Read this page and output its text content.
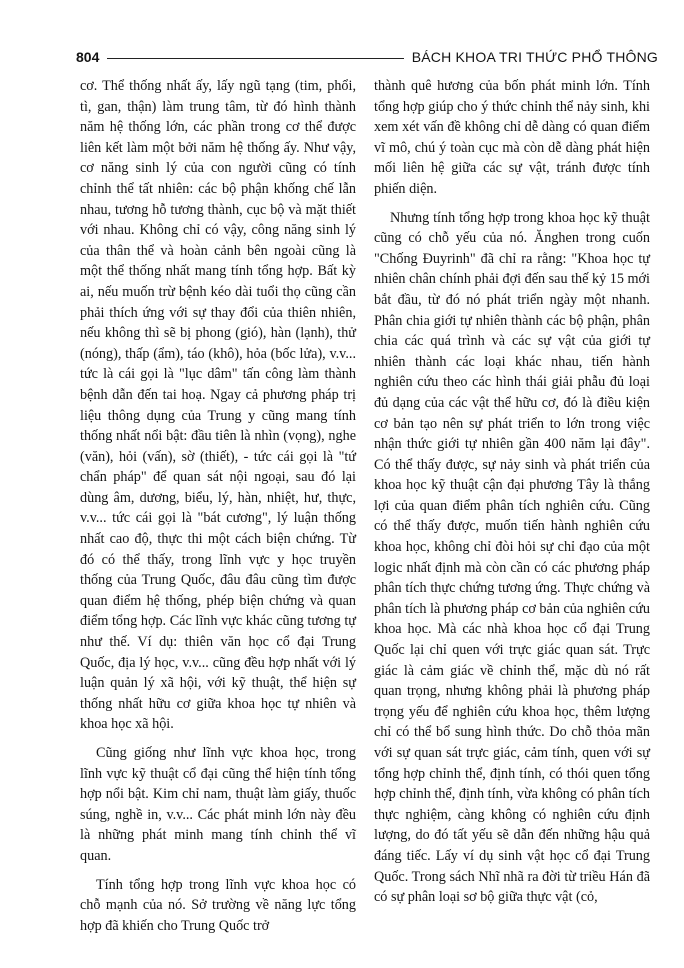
804	BÁCH KHOA TRI THỨC PHỔ THÔNG

cơ. Thể thống nhất ấy, lấy ngũ tạng (tim, phổi, tì, gan, thận) làm trung tâm, từ đó hình thành năm hệ thống lớn, các phần trong cơ thể được liên kết làm một bởi năm hệ thống ấy. Như vậy, cơ năng sinh lý của con người cũng có tính chỉnh thể tất nhiên: các bộ phận khống chế lẫn nhau, tương hỗ tương thành, cục bộ và mặt thiết với nhau. Không chỉ có vậy, công năng sinh lý của thân thể và hoàn cảnh bên ngoài cũng là một thể thống nhất mang tính tổng hợp. Bất kỳ ai, nếu muốn trừ bệnh kéo dài tuổi thọ cũng cần phải thích ứng với sự thay đổi của thiên nhiên, nếu không thì sẽ bị phong (gió), hàn (lạnh), thử (nóng), thấp (ẩm), táo (khô), hỏa (bốc lửa), v.v... tức là cái gọi là "lục dâm" tấn công làm thành bệnh dẫn đến tai hoạ. Ngay cả phương pháp trị liệu thông dụng của Trung y cũng mang tính thống nhất nổi bật: đầu tiên là nhìn (vọng), nghe (văn), hỏi (vấn), sờ (thiết), - tức cái gọi là "tứ chẩn pháp" để quan sát nội ngoại, sau đó lại dùng âm, dương, biểu, lý, hàn, nhiệt, hư, thực, v.v... tức cái gọi là "bát cương", lý luận thống nhất cao độ, thực thi một cách biện chứng. Từ đó có thể thấy, trong lĩnh vực y học truyền thống của Trung Quốc, đâu đâu cũng tìm được quan điểm hệ thống, phép biện chứng và quan điểm tổng hợp. Các lĩnh vực khác cũng tương tự như thế. Ví dụ: thiên văn học cổ đại Trung Quốc, địa lý học, v.v... cũng đều hợp nhất với lý luận quản lý xã hội, với kỹ thuật, thể hiện sự thống nhất hữu cơ giữa khoa học tự nhiên và khoa học xã hội.

Cũng giống như lĩnh vực khoa học, trong lĩnh vực kỹ thuật cổ đại cũng thể hiện tính tổng hợp nổi bật. Kim chỉ nam, thuật làm giấy, thuốc súng, nghề in, v.v... Các phát minh lớn này đều là những phát minh mang tính chỉnh thể vĩ quan.

Tính tổng hợp trong lĩnh vực khoa học có chỗ mạnh của nó. Sở trường về năng lực tổng hợp đã khiến cho Trung Quốc trở

thành quê hương của bốn phát minh lớn. Tính tổng hợp giúp cho ý thức chỉnh thể nảy sinh, khi xem xét vấn đề không chỉ dễ dàng có quan điểm vĩ mô, chú ý toàn cục mà còn dễ dàng phát hiện mối liên hệ giữa các sự vật, tránh được tính phiến diện.

Nhưng tính tổng hợp trong khoa học kỹ thuật cũng có chỗ yếu của nó. Ănghen trong cuốn "Chống Đuyrinh" đã chỉ ra rằng: "Khoa học tự nhiên chân chính phải đợi đến sau thế kỷ 15 mới bắt đầu, từ đó nó phát triển ngày một nhanh. Phân chia giới tự nhiên thành các bộ phận, phân chia các quá trình và các sự vật của giới tự nhiên thành các loại khác nhau, tiến hành nghiên cứu theo các hình thái giải phẫu đủ loại đủ dạng của các vật thể hữu cơ, đó là điều kiện cơ bản tạo nên sự phát triển to lớn trong việc nhận thức giới tự nhiên gần 400 năm lại đây". Có thể thấy được, sự nảy sinh và phát triển của khoa học kỹ thuật cận đại phương Tây là thắng lợi của quan điểm phân tích nghiên cứu. Cũng có thể thấy được, muốn tiến hành nghiên cứu khoa học, không chỉ đòi hỏi sự chỉ đạo của một logic nhất định mà còn cần có các phương pháp phân tích thực chứng tương ứng. Thực chứng và phân tích là phương pháp cơ bản của nghiên cứu khoa học. Mà các nhà khoa học cổ đại Trung Quốc lại chỉ quen với trực giác quan sát. Trực giác là cảm giác về chỉnh thể, mặc dù nó rất quan trọng, nhưng không phải là phương pháp trọng yếu để nghiên cứu khoa học, thêm lượng chỉ có thể bổ sung hình thức. Do chỗ thỏa mãn với sự quan sát trực giác, cảm tính, quen với sự tổng hợp chỉnh thể, định tính, có thói quen tổng hợp chỉnh thể, định tính, vừa không có phân tích thực nghiệm, càng không có nghiên cứu định lượng, do đó tất yếu sẽ dẫn đến những hậu quả đáng tiếc. Lấy ví dụ sinh vật học cổ đại Trung Quốc. Trong sách Nhĩ nhã ra đời từ triều Hán đã có sự phân loại sơ bộ giữa thực vật (cỏ,
